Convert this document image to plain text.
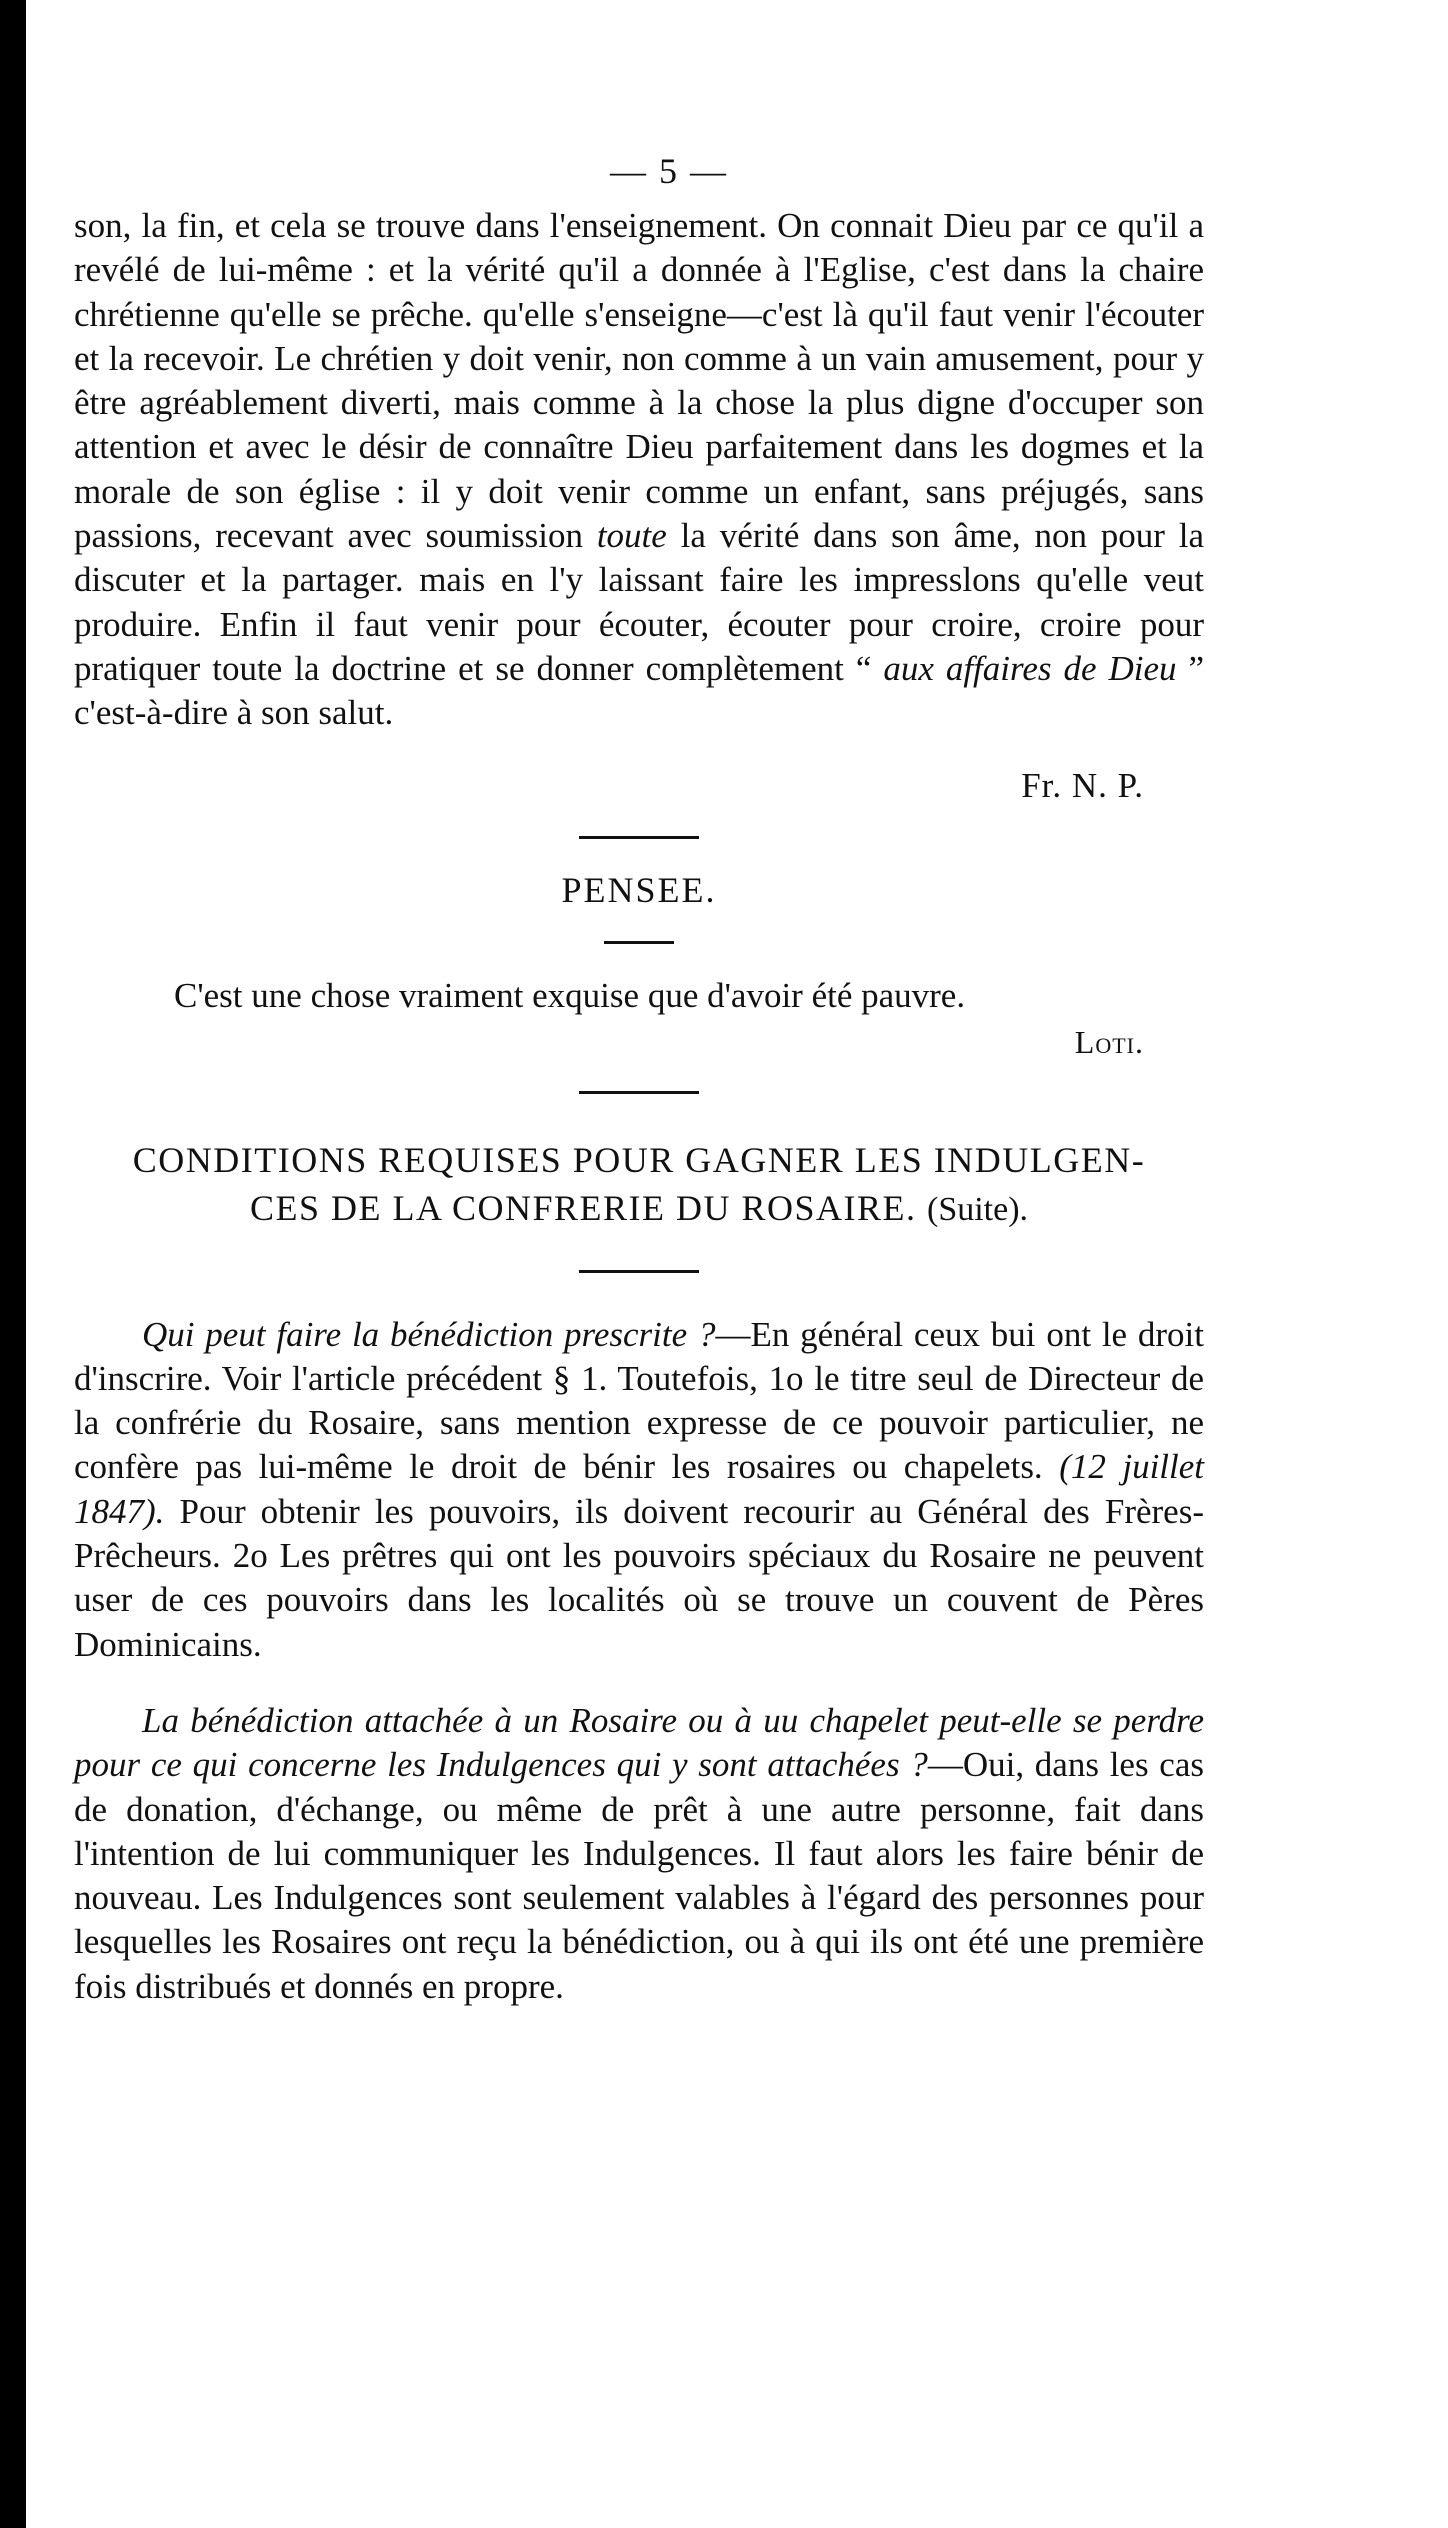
— 5 —

son, la fin, et cela se trouve dans l'enseignement. On connait Dieu par ce qu'il a revélé de lui-même : et la vérité qu'il a donnée à l'Eglise, c'est dans la chaire chrétienne qu'elle se prêche. qu'elle s'enseigne—c'est là qu'il faut venir l'écouter et la recevoir. Le chrétien y doit venir, non comme à un vain amusement, pour y être agréablement diverti, mais comme à la chose la plus digne d'occuper son attention et avec le désir de connaître Dieu parfaitement dans les dogmes et la morale de son église : il y doit venir comme un enfant, sans préjugés, sans passions, recevant avec soumission toute la vérité dans son âme, non pour la discuter et la partager. mais en l'y laissant faire les impresslons qu'elle veut produire. Enfin il faut venir pour écouter, écouter pour croire, croire pour pratiquer toute la doctrine et se donner complètement “ aux affaires de Dieu ” c'est-à-dire à son salut.

Fr. N. P.
PENSEE.

C'est une chose vraiment exquise que d'avoir été pauvre.

Loti.
CONDITIONS REQUISES POUR GAGNER LES INDULGEN-
CES DE LA CONFRERIE DU ROSAIRE. (Suite).

Qui peut faire la bénédiction prescrite ?—En général ceux bui ont le droit d'inscrire. Voir l'article précédent § 1. Toutefois, 1o le titre seul de Directeur de la confrérie du Rosaire, sans mention expresse de ce pouvoir particulier, ne confère pas lui-même le droit de bénir les rosaires ou chapelets. (12 juillet 1847). Pour obtenir les pouvoirs, ils doivent recourir au Général des Frères-Prêcheurs. 2o Les prêtres qui ont les pouvoirs spéciaux du Rosaire ne peuvent user de ces pouvoirs dans les localités où se trouve un couvent de Pères Dominicains.

La bénédiction attachée à un Rosaire ou à uu chapelet peut-elle se perdre pour ce qui concerne les Indulgences qui y sont attachées ?—Oui, dans les cas de donation, d'échange, ou même de prêt à une autre personne, fait dans l'intention de lui communiquer les Indulgences. Il faut alors les faire bénir de nouveau. Les Indulgences sont seulement valables à l'égard des personnes pour lesquelles les Rosaires ont reçu la bénédiction, ou à qui ils ont été une première fois distribués et donnés en propre.
